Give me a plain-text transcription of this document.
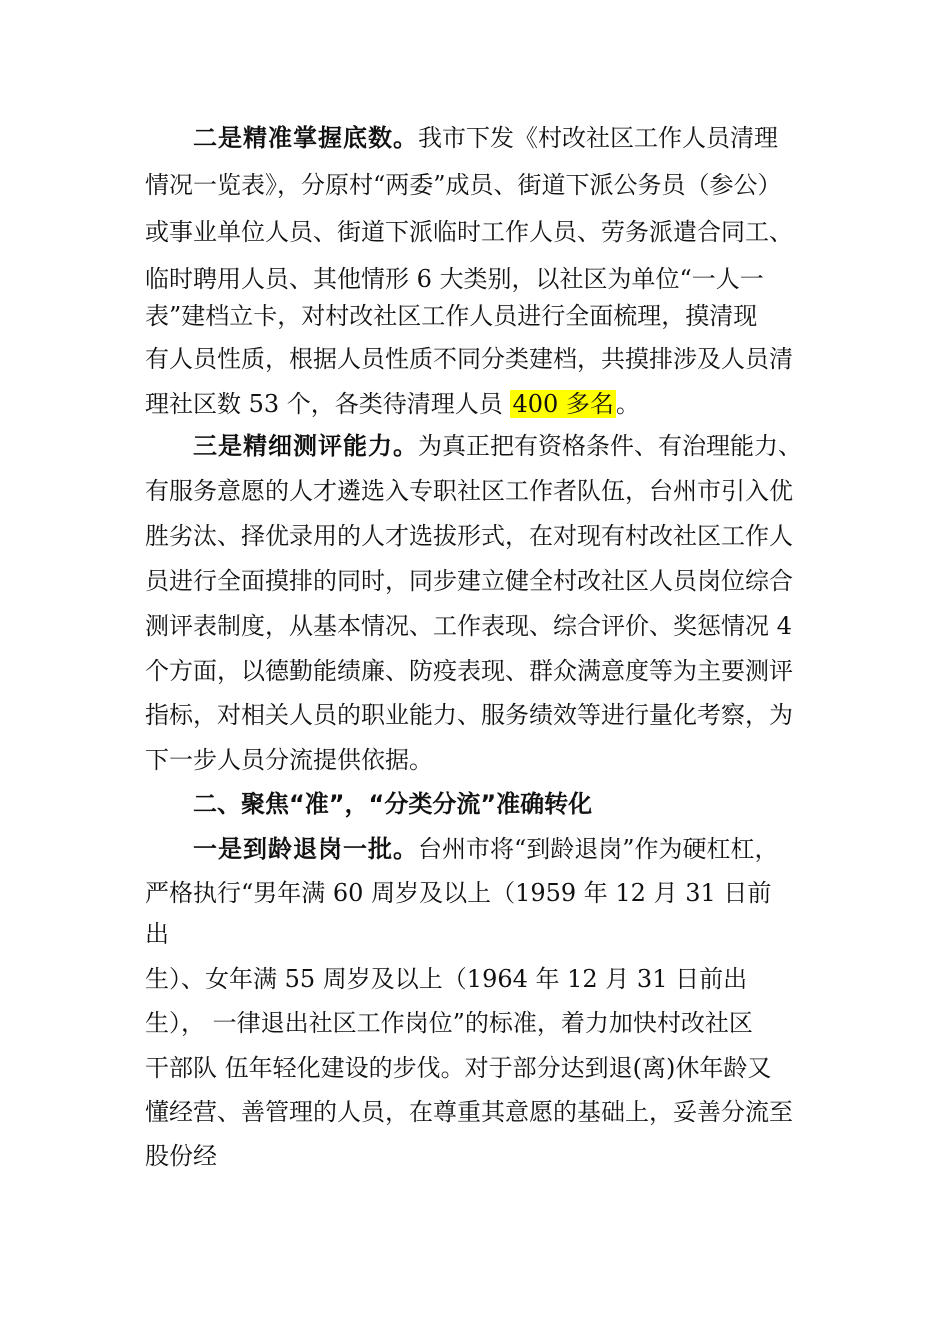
二是精准掌握底数。我市下发《村改社区工作人员清理
情况一览表》，分原村“两委”成员、街道下派公务员（参公）
或事业单位人员、街道下派临时工作人员、劳务派遣合同工、
临时聘用人员、其他情形 6 大类别，以社区为单位“一人一
表”建档立卡，对村改社区工作人员进行全面梳理，摸清现
有人员性质，根据人员性质不同分类建档，共摸排涉及人员清
理社区数 53 个，各类待清理人员 400 多名。
三是精细测评能力。为真正把有资格条件、有治理能力、
有服务意愿的人才遴选入专职社区工作者队伍，台州市引入优
胜劣汰、择优录用的人才选拔形式，在对现有村改社区工作人
员进行全面摸排的同时，同步建立健全村改社区人员岗位综合
测评表制度，从基本情况、工作表现、综合评价、奖惩情况 4
个方面，以德勤能绩廉、防疫表现、群众满意度等为主要测评
指标，对相关人员的职业能力、服务绩效等进行量化考察，为
下一步人员分流提供依据。
二、聚焦“准”，“分类分流”准确转化
一是到龄退岗一批。台州市将“到龄退岗”作为硬杠杠，
严格执行“男年满 60 周岁及以上（1959 年 12 月 31 日前
出
生）、女年满 55 周岁及以上（1964 年 12 月 31 日前出
生）， 一律退出社区工作岗位”的标准，着力加快村改社区
干部队 伍年轻化建设的步伐。对于部分达到退(离)休年龄又
懂经营、善管理的人员，在尊重其意愿的基础上，妥善分流至
股份经
